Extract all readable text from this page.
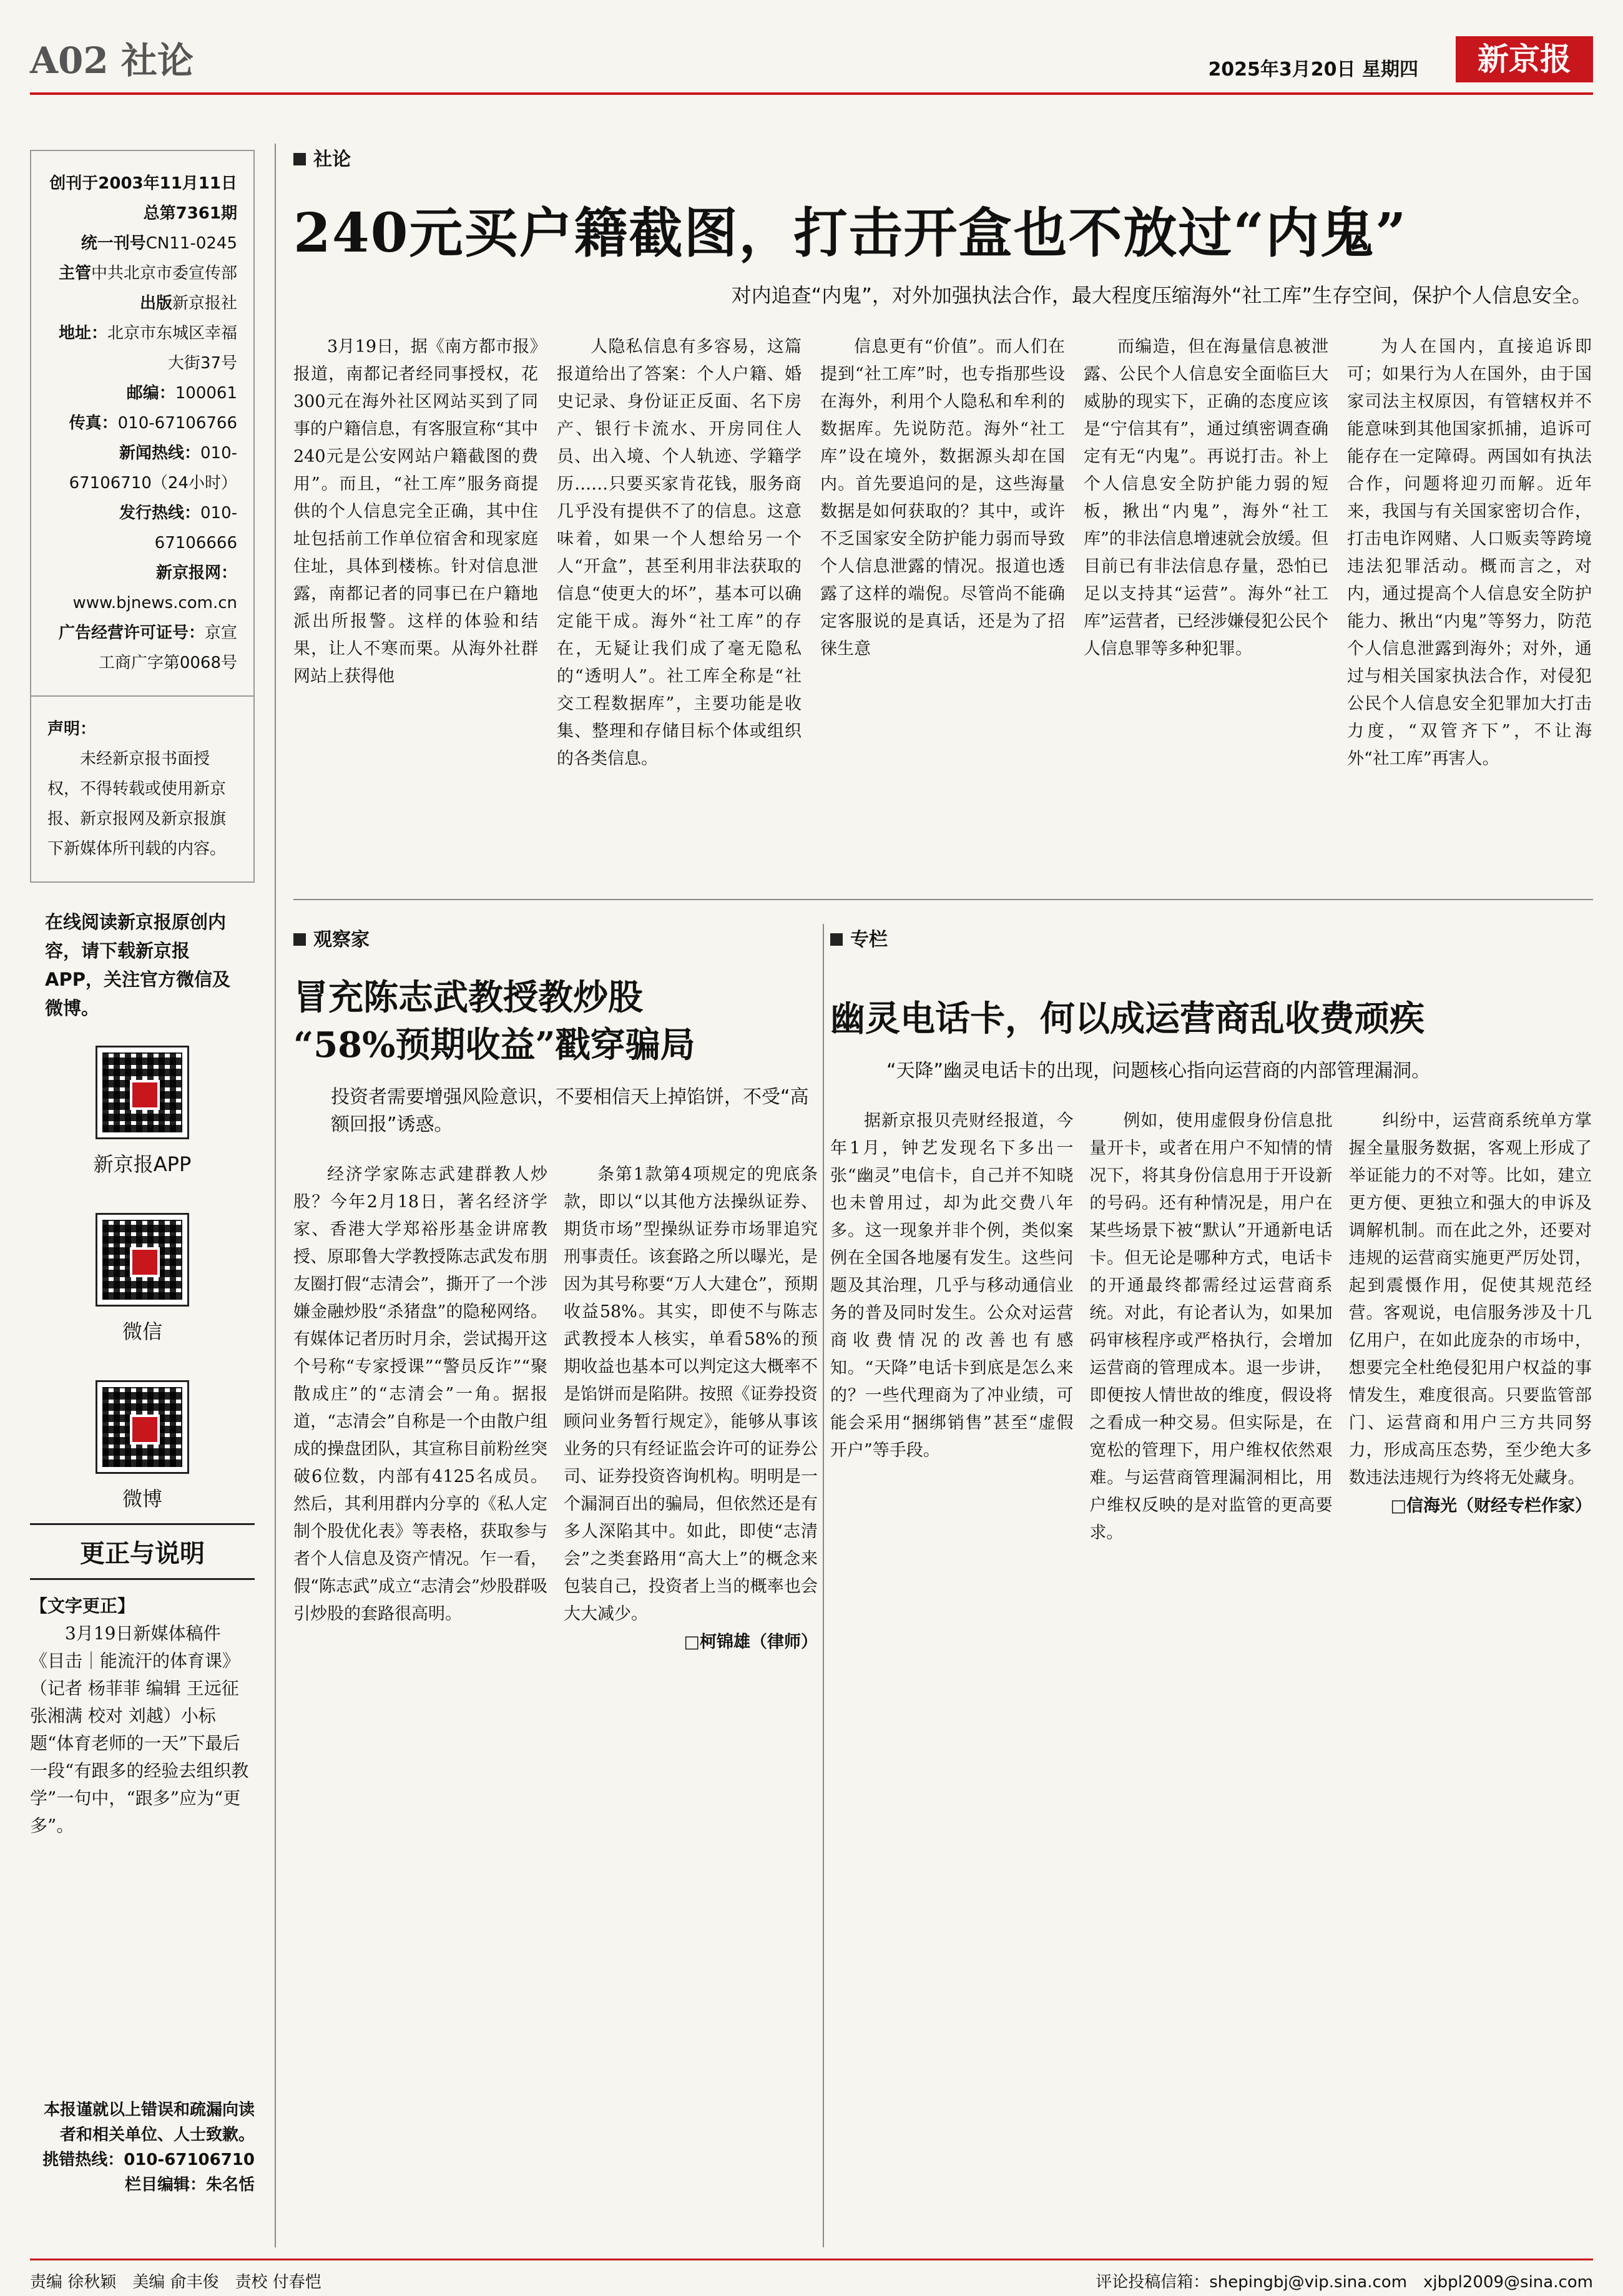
A02 社论	2025年3月20日 星期四	新京报
创刊于2003年11月11日
总第7361期
统一刊号CN11-0245
主管中共北京市委宣传部
出版新京报社
地址：北京市东城区幸福大街37号
邮编：100061
传真：010-67106766
新闻热线：010-67106710（24小时）
发行热线：010-67106666
新京报网：www.bjnews.com.cn
广告经营许可证号：京宣工商广字第0068号
声明：
未经新京报书面授权，不得转载或使用新京报、新京报网及新京报旗下新媒体所刊载的内容。
在线阅读新京报原创内容，请下载新京报APP，关注官方微信及微博。
新京报APP
微信
微博
更正与说明
【文字更正】

3月19日新媒体稿件《目击｜能流汗的体育课》（记者 杨菲菲 编辑 王远征 张湘满 校对 刘越）小标题“体育老师的一天”下最后一段“有跟多的经验去组织教学”一句中，“跟多”应为“更多”。

本报谨就以上错误和疏漏向读者和相关单位、人士致歉。
挑错热线：010-67106710
栏目编辑：朱名恬
社论
240元买户籍截图，打击开盒也不放过“内鬼”
对内追查“内鬼”，对外加强执法合作，最大程度压缩海外“社工库”生存空间，保护个人信息安全。

3月19日，据《南方都市报》报道，南都记者经同事授权，花300元在海外社区网站买到了同事的户籍信息，有客服宣称“其中240元是公安网站户籍截图的费用”。而且，“社工库”服务商提供的个人信息完全正确，其中住址包括前工作单位宿舍和现家庭住址，具体到楼栋。针对信息泄露，南都记者的同事已在户籍地派出所报警。这样的体验和结果，让人不寒而栗。从海外社群网站上获得他

人隐私信息有多容易，这篇报道给出了答案：个人户籍、婚史记录、身份证正反面、名下房产、银行卡流水、开房同住人员、出入境、个人轨迹、学籍学历……只要买家肯花钱，服务商几乎没有提供不了的信息。这意味着，如果一个人想给另一个人“开盒”，甚至利用非法获取的信息“使更大的坏”，基本可以确定能干成。海外“社工库”的存在，无疑让我们成了毫无隐私的“透明人”。社工库全称是“社交工程数据库”，主要功能是收集、整理和存储目标个体或组织的各类信息。

信息更有“价值”。而人们在提到“社工库”时，也专指那些设在海外，利用个人隐私和牟利的数据库。先说防范。海外“社工库”设在境外，数据源头却在国内。首先要追问的是，这些海量数据是如何获取的？其中，或许不乏国家安全防护能力弱而导致个人信息泄露的情况。报道也透露了这样的端倪。尽管尚不能确定客服说的是真话，还是为了招徕生意

而编造，但在海量信息被泄露、公民个人信息安全面临巨大威胁的现实下，正确的态度应该是“宁信其有”，通过缜密调查确定有无“内鬼”。再说打击。补上个人信息安全防护能力弱的短板，揪出“内鬼”，海外“社工库”的非法信息增速就会放缓。但目前已有非法信息存量，恐怕已足以支持其“运营”。海外“社工库”运营者，已经涉嫌侵犯公民个人信息罪等多种犯罪。

为人在国内，直接追诉即可；如果行为人在国外，由于国家司法主权原因，有管辖权并不能意味到其他国家抓捕，追诉可能存在一定障碍。两国如有执法合作，问题将迎刃而解。近年来，我国与有关国家密切合作，打击电诈网赌、人口贩卖等跨境违法犯罪活动。概而言之，对内，通过提高个人信息安全防护能力、揪出“内鬼”等努力，防范个人信息泄露到海外；对外，通过与相关国家执法合作，对侵犯公民个人信息安全犯罪加大打击力度，“双管齐下”，不让海外“社工库”再害人。

观察家
冒充陈志武教授教炒股
“58%预期收益”戳穿骗局
投资者需要增强风险意识，不要相信天上掉馅饼，不受“高额回报”诱惑。

经济学家陈志武建群教人炒股？今年2月18日，著名经济学家、香港大学郑裕彤基金讲席教授、原耶鲁大学教授陈志武发布朋友圈打假“志清会”，撕开了一个涉嫌金融炒股“杀猪盘”的隐秘网络。有媒体记者历时月余，尝试揭开这个号称“专家授课”“警员反诈”“聚散成庄”的“志清会”一角。据报道，“志清会”自称是一个由散户组成的操盘团队，其宣称目前粉丝突破6位数，内部有4125名成员。然后，其利用群内分享的《私人定制个股优化表》等表格，获取参与者个人信息及资产情况。乍一看，假“陈志武”成立“志清会”炒股群吸引炒股的套路很高明。

条第1款第4项规定的兜底条款，即以“以其他方法操纵证券、期货市场”型操纵证券市场罪追究刑事责任。该套路之所以曝光，是因为其号称要“万人大建仓”，预期收益58%。其实，即使不与陈志武教授本人核实，单看58%的预期收益也基本可以判定这大概率不是馅饼而是陷阱。按照《证券投资顾问业务暂行规定》，能够从事该业务的只有经证监会许可的证券公司、证券投资咨询机构。明明是一个漏洞百出的骗局，但依然还是有多人深陷其中。如此，即使“志清会”之类套路用“高大上”的概念来包装自己，投资者上当的概率也会大大减少。

□柯锦雄（律师）
专栏
幽灵电话卡，何以成运营商乱收费顽疾
“天降”幽灵电话卡的出现，问题核心指向运营商的内部管理漏洞。

据新京报贝壳财经报道，今年1月，钟艺发现名下多出一张“幽灵”电信卡，自己并不知晓也未曾用过，却为此交费八年多。这一现象并非个例，类似案例在全国各地屡有发生。这些问题及其治理，几乎与移动通信业务的普及同时发生。公众对运营商收费情况的改善也有感知。“天降”电话卡到底是怎么来的？一些代理商为了冲业绩，可能会采用“捆绑销售”甚至“虚假开户”等手段。

例如，使用虚假身份信息批量开卡，或者在用户不知情的情况下，将其身份信息用于开设新的号码。还有种情况是，用户在某些场景下被“默认”开通新电话卡。但无论是哪种方式，电话卡的开通最终都需经过运营商系统。对此，有论者认为，如果加码审核程序或严格执行，会增加运营商的管理成本。退一步讲，即便按人情世故的维度，假设将之看成一种交易。但实际是，在宽松的管理下，用户维权依然艰难。与运营商管理漏洞相比，用户维权反映的是对监管的更高要求。

纠纷中，运营商系统单方掌握全量服务数据，客观上形成了举证能力的不对等。比如，建立更方便、更独立和强大的申诉及调解机制。而在此之外，还要对违规的运营商实施更严厉处罚，起到震慑作用，促使其规范经营。客观说，电信服务涉及十几亿用户，在如此庞杂的市场中，想要完全杜绝侵犯用户权益的事情发生，难度很高。只要监管部门、运营商和用户三方共同努力，形成高压态势，至少绝大多数违法违规行为终将无处藏身。

□信海光（财经专栏作家）
责编 徐秋颖　美编 俞丰俊　责校 付春恺	评论投稿信箱：shepingbj@vip.sina.com　xjbpl2009@sina.com
